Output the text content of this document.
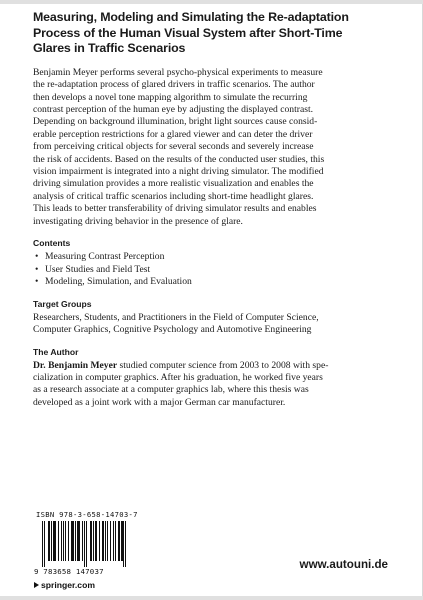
Measuring, Modeling and Simulating the Re-adaptation
Process of the Human Visual System after Short-Time
Glares in Traffic Scenarios

Benjamin Meyer performs several psycho-physical experiments to measure
the re-adaptation process of glared drivers in traffic scenarios. The author
then develops a novel tone mapping algorithm to simulate the recurring
contrast perception of the human eye by adjusting the displayed contrast.
Depending on background illumination, bright light sources cause consid-
erable perception restrictions for a glared viewer and can deter the driver
from perceiving critical objects for several seconds and severely increase
the risk of accidents. Based on the results of the conducted user studies, this
vision impairment is integrated into a night driving simulator. The modified
driving simulation provides a more realistic visualization and enables the
analysis of critical traffic scenarios including short-time headlight glares.
This leads to better transferability of driving simulator results and enables
investigating driving behavior in the presence of glare.

Contents
• Measuring Contrast Perception
• User Studies and Field Test
• Modeling, Simulation, and Evaluation
Target Groups

Researchers, Students, and Practitioners in the Field of Computer Science,
Computer Graphics, Cognitive Psychology and Automotive Engineering

The Author

Dr. Benjamin Meyer studied computer science from 2003 to 2008 with spe-
cialization in computer graphics. After his graduation, he worked five years
as a research associate at a computer graphics lab, where this thesis was
developed as a joint work with a major German car manufacturer.

ISBN 978-3-658-14703-7
9 783658 147037
springer.com
www.autouni.de
